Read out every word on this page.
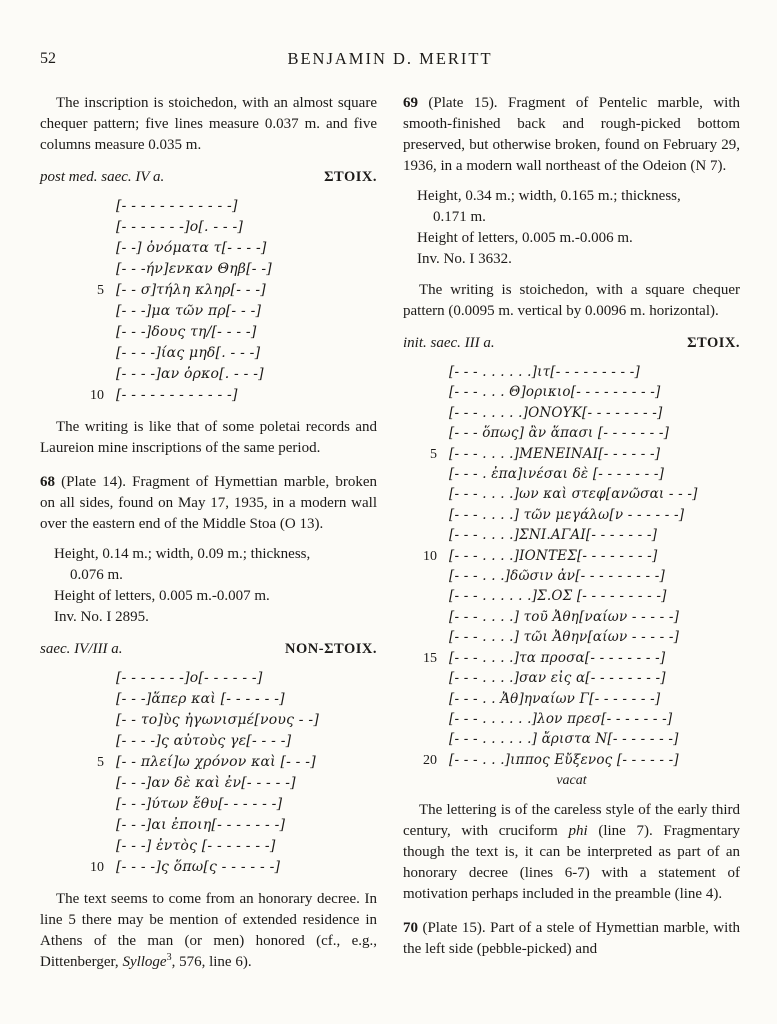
52	BENJAMIN D. MERITT

The inscription is stoichedon, with an almost square chequer pattern; five lines measure 0.037 m. and five columns measure 0.035 m.

post med. saec. IV a.	ΣΤΟΙΧ.
[- - - - - - - - - - - -]
[- - - - - - -]ο[. - - -]
[- -] ὀνόματα τ[- - - -]
[- - -ήν]ενκαν Θηβ[- -]
5 [- - σ]τήλη κληρ[- - -]
[- - -]μα τῶν πρ[- - -]
[- - -]δους τη/[- - - -]
[- - - -]ίας μηδ[. - - -]
[- - - -]αν ὁρκο[. - - -]
10 [- - - - - - - - - - - -]

The writing is like that of some poletai records and Laureion mine inscriptions of the same period.

68 (Plate 14). Fragment of Hymettian marble, broken on all sides, found on May 17, 1935, in a modern wall over the eastern end of the Middle Stoa (O 13).

Height, 0.14 m.; width, 0.09 m.; thickness,
0.076 m.
Height of letters, 0.005 m.-0.007 m.
Inv. No. I 2895.
saec. IV/III a.	NON-ΣΤΟΙΧ.
[- - - - - - -]ο[- - - - - -]
[- - -]ἅπερ καὶ [- - - - - -]
[- - το]ὺς ἠγωνισμέ[νους - -]
[- - - -]ς αὐτοὺς γε[- - - -]
5 [- - πλεί]ω χρόνον καὶ [- - -]
[- - -]αν δὲ καὶ ἐν[- - - - -]
[- - -]ύτων ἔθυ[- - - - - -]
[- - -]αι ἐποιη[- - - - - - -]
[- - -] ἐντὸς [- - - - - - -]
10 [- - - -]ς ὅπω[ς - - - - - -]

The text seems to come from an honorary decree. In line 5 there may be mention of extended residence in Athens of the man (or men) honored (cf., e.g., Dittenberger, Sylloge$^3$, 576, line 6).

69 (Plate 15). Fragment of Pentelic marble, with smooth-finished back and rough-picked bottom preserved, but otherwise broken, found on February 29, 1936, in a modern wall northeast of the Odeion (N 7).

Height, 0.34 m.; width, 0.165 m.; thickness,
0.171 m.
Height of letters, 0.005 m.-0.006 m.
Inv. No. I 3632.

The writing is stoichedon, with a square chequer pattern (0.0095 m. vertical by 0.0096 m. horizontal).

init. saec. III a.	ΣΤΟΙΧ.
[- - - . . . . . .]ιτ[- - - - - - - - -]
[- - - . . . Θ]ορικιο[- - - - - - - - -]
[- - - . . . . .]ONOYK[- - - - - - - -]
[- - - ὅπως] ἂν ἅπασι [- - - - - - -]
5 [- - - . . . .]MENEINAI[- - - - - -]
[- - - . ἐπα]ινέσαι δὲ [- - - - - - -]
[- - - . . . .]ων καὶ στεφ[ανῶσαι - - -]
[- - - . . . .] τῶν μεγάλω[ν - - - - - -]
[- - - . . . .]ΣΝΙ.ΑΓΑΙ[- - - - - - -]
10 [- - - . . . .]ΙΟΝΤΕΣ[- - - - - - - -]
[- - - . . .]δῶσιν ἀν[- - - - - - - - -]
[- - - . . . . . .]Σ.ΟΣ [- - - - - - - - -]
[- - - . . . .] τοῦ Ἀθη[ναίων - - - - -]
[- - - . . . .] τῶι Ἀθην[αίων - - - - -]
15 [- - - . . . .]τα προσα[- - - - - - - -]
[- - - . . . .]σαν εἰς α[- - - - - - - -]
[- - - . . Ἀθ]ηναίων Γ[- - - - - - -]
[- - - . . . . . .]λον πρεσ[- - - - - - -]
[- - - . . . . . .] ἄριστα Ν[- - - - - - -]
20 [- - - . . .]ιππος Εὔξενος [- - - - - -]
vacat

The lettering is of the careless style of the early third century, with cruciform phi (line 7). Fragmentary though the text is, it can be interpreted as part of an honorary decree (lines 6-7) with a statement of motivation perhaps included in the preamble (line 4).

70 (Plate 15). Part of a stele of Hymettian marble, with the left side (pebble-picked) and
